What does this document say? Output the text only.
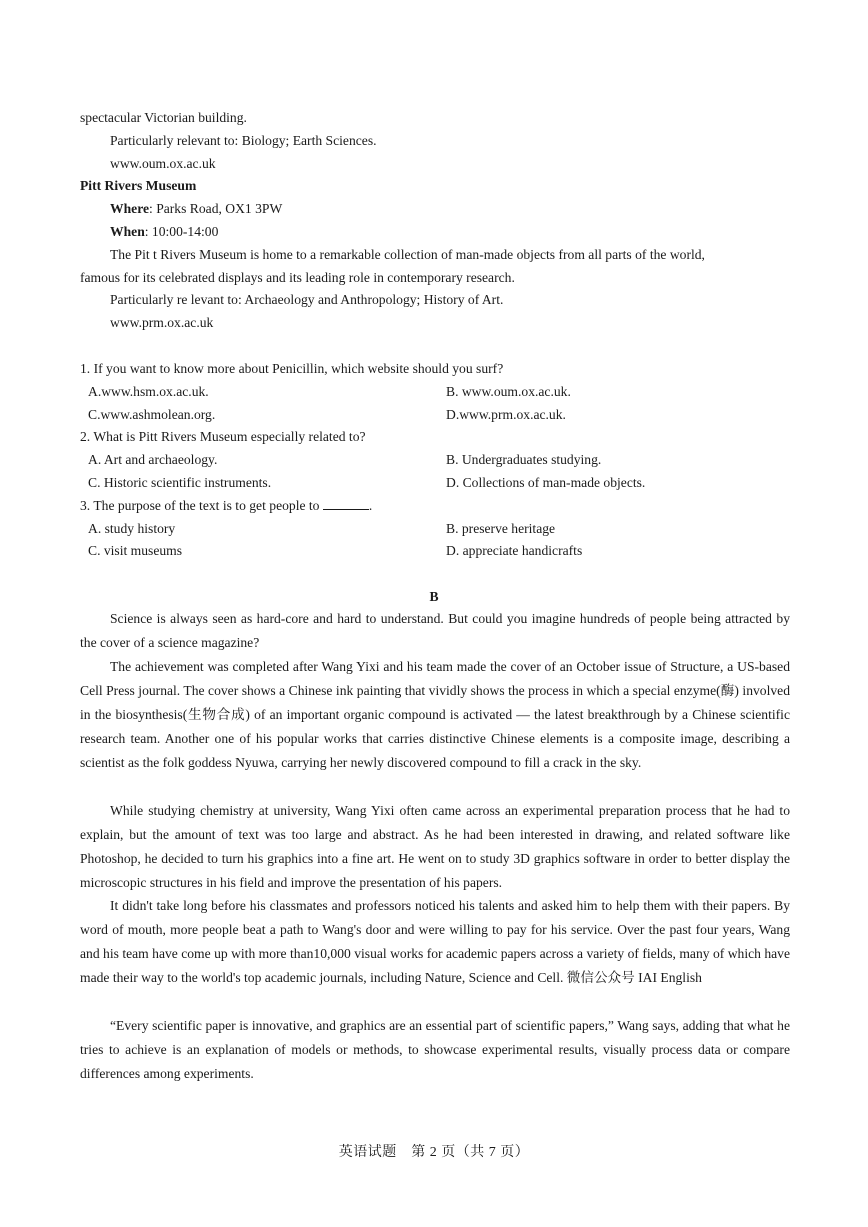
spectacular Victorian building.
Particularly relevant to: Biology; Earth Sciences.
www.oum.ox.ac.uk
Pitt Rivers Museum
Where: Parks Road, OX1 3PW
When: 10:00-14:00
The Pit t Rivers Museum is home to a remarkable collection of man-made objects from all parts of the world,
famous for its celebrated displays and its leading role in contemporary research.
Particularly re levant to: Archaeology and Anthropology; History of Art.
www.prm.ox.ac.uk
1. If you want to know more about Penicillin, which website should you surf?
A.www.hsm.ox.ac.uk.	B. www.oum.ox.ac.uk.
C.www.ashmolean.org.	D.www.prm.ox.ac.uk.
2. What is Pitt Rivers Museum especially related to?
A. Art and archaeology.	B. Undergraduates studying.
C. Historic scientific instruments.	D. Collections of man-made objects.
3. The purpose of the text is to get people to	.
A. study history	B. preserve heritage
C. visit museums	D. appreciate handicrafts
B
Science is always seen as hard-core and hard to understand. But could you imagine hundreds of people being attracted by the cover of a science magazine?
The achievement was completed after Wang Yixi and his team made the cover of an October issue of Structure, a US-based Cell Press journal. The cover shows a Chinese ink painting that vividly shows the process in which a special enzyme(酶) involved in the biosynthesis(生物合成) of an important organic compound is activated — the latest breakthrough by a Chinese scientific research team. Another one of his popular works that carries distinctive Chinese elements is a composite image, describing a scientist as the folk goddess Nyuwa, carrying her newly discovered compound to fill a crack in the sky.
While studying chemistry at university, Wang Yixi often came across an experimental preparation process that he had to explain, but the amount of text was too large and abstract. As he had been interested in drawing, and related software like Photoshop, he decided to turn his graphics into a fine art. He went on to study 3D graphics software in order to better display the microscopic structures in his field and improve the presentation of his papers.
It didn't take long before his classmates and professors noticed his talents and asked him to help them with their papers. By word of mouth, more people beat a path to Wang's door and were willing to pay for his service. Over the past four years, Wang and his team have come up with more than10,000 visual works for academic papers across a variety of fields, many of which have made their way to the world's top academic journals, including Nature, Science and Cell. 微信公众号 IAI English
“Every scientific paper is innovative, and graphics are an essential part of scientific papers,” Wang says, adding that what he tries to achieve is an explanation of models or methods, to showcase experimental results, visually process data or compare differences among experiments.
英语试题　第 2 页（共 7 页）
